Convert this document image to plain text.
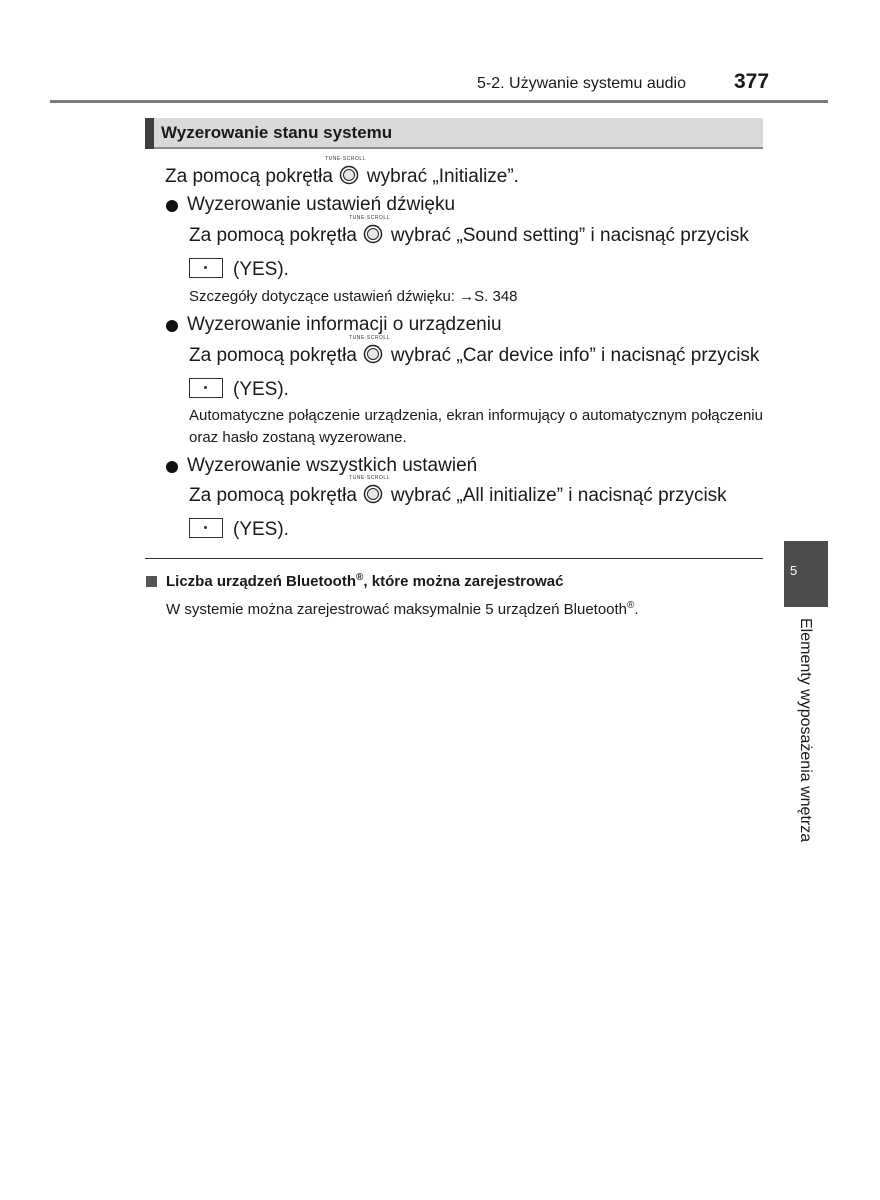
5-2. Używanie systemu audio 377
Wyzerowanie stanu systemu
Za pomocą pokrętła
TUNE·SCROLL
wybrać „Initialize”.
Wyzerowanie ustawień dźwięku
Za pomocą pokrętła
TUNE·SCROLL
wybrać „Sound setting” i nacisnąć przycisk
(YES).
Szczegóły dotyczące ustawień dźwięku: →S. 348
Wyzerowanie informacji o urządzeniu
Za pomocą pokrętła
TUNE·SCROLL
wybrać „Car device info” i nacisnąć przycisk
(YES).
Automatyczne połączenie urządzenia, ekran informujący o automatycznym połączeniu oraz hasło zostaną wyzerowane.
Wyzerowanie wszystkich ustawień
Za pomocą pokrętła
TUNE·SCROLL
wybrać „All initialize” i nacisnąć przycisk
(YES).
Liczba urządzeń Bluetooth®, które można zarejestrować
W systemie można zarejestrować maksymalnie 5 urządzeń Bluetooth®.
5
Elementy wyposażenia wnętrza
